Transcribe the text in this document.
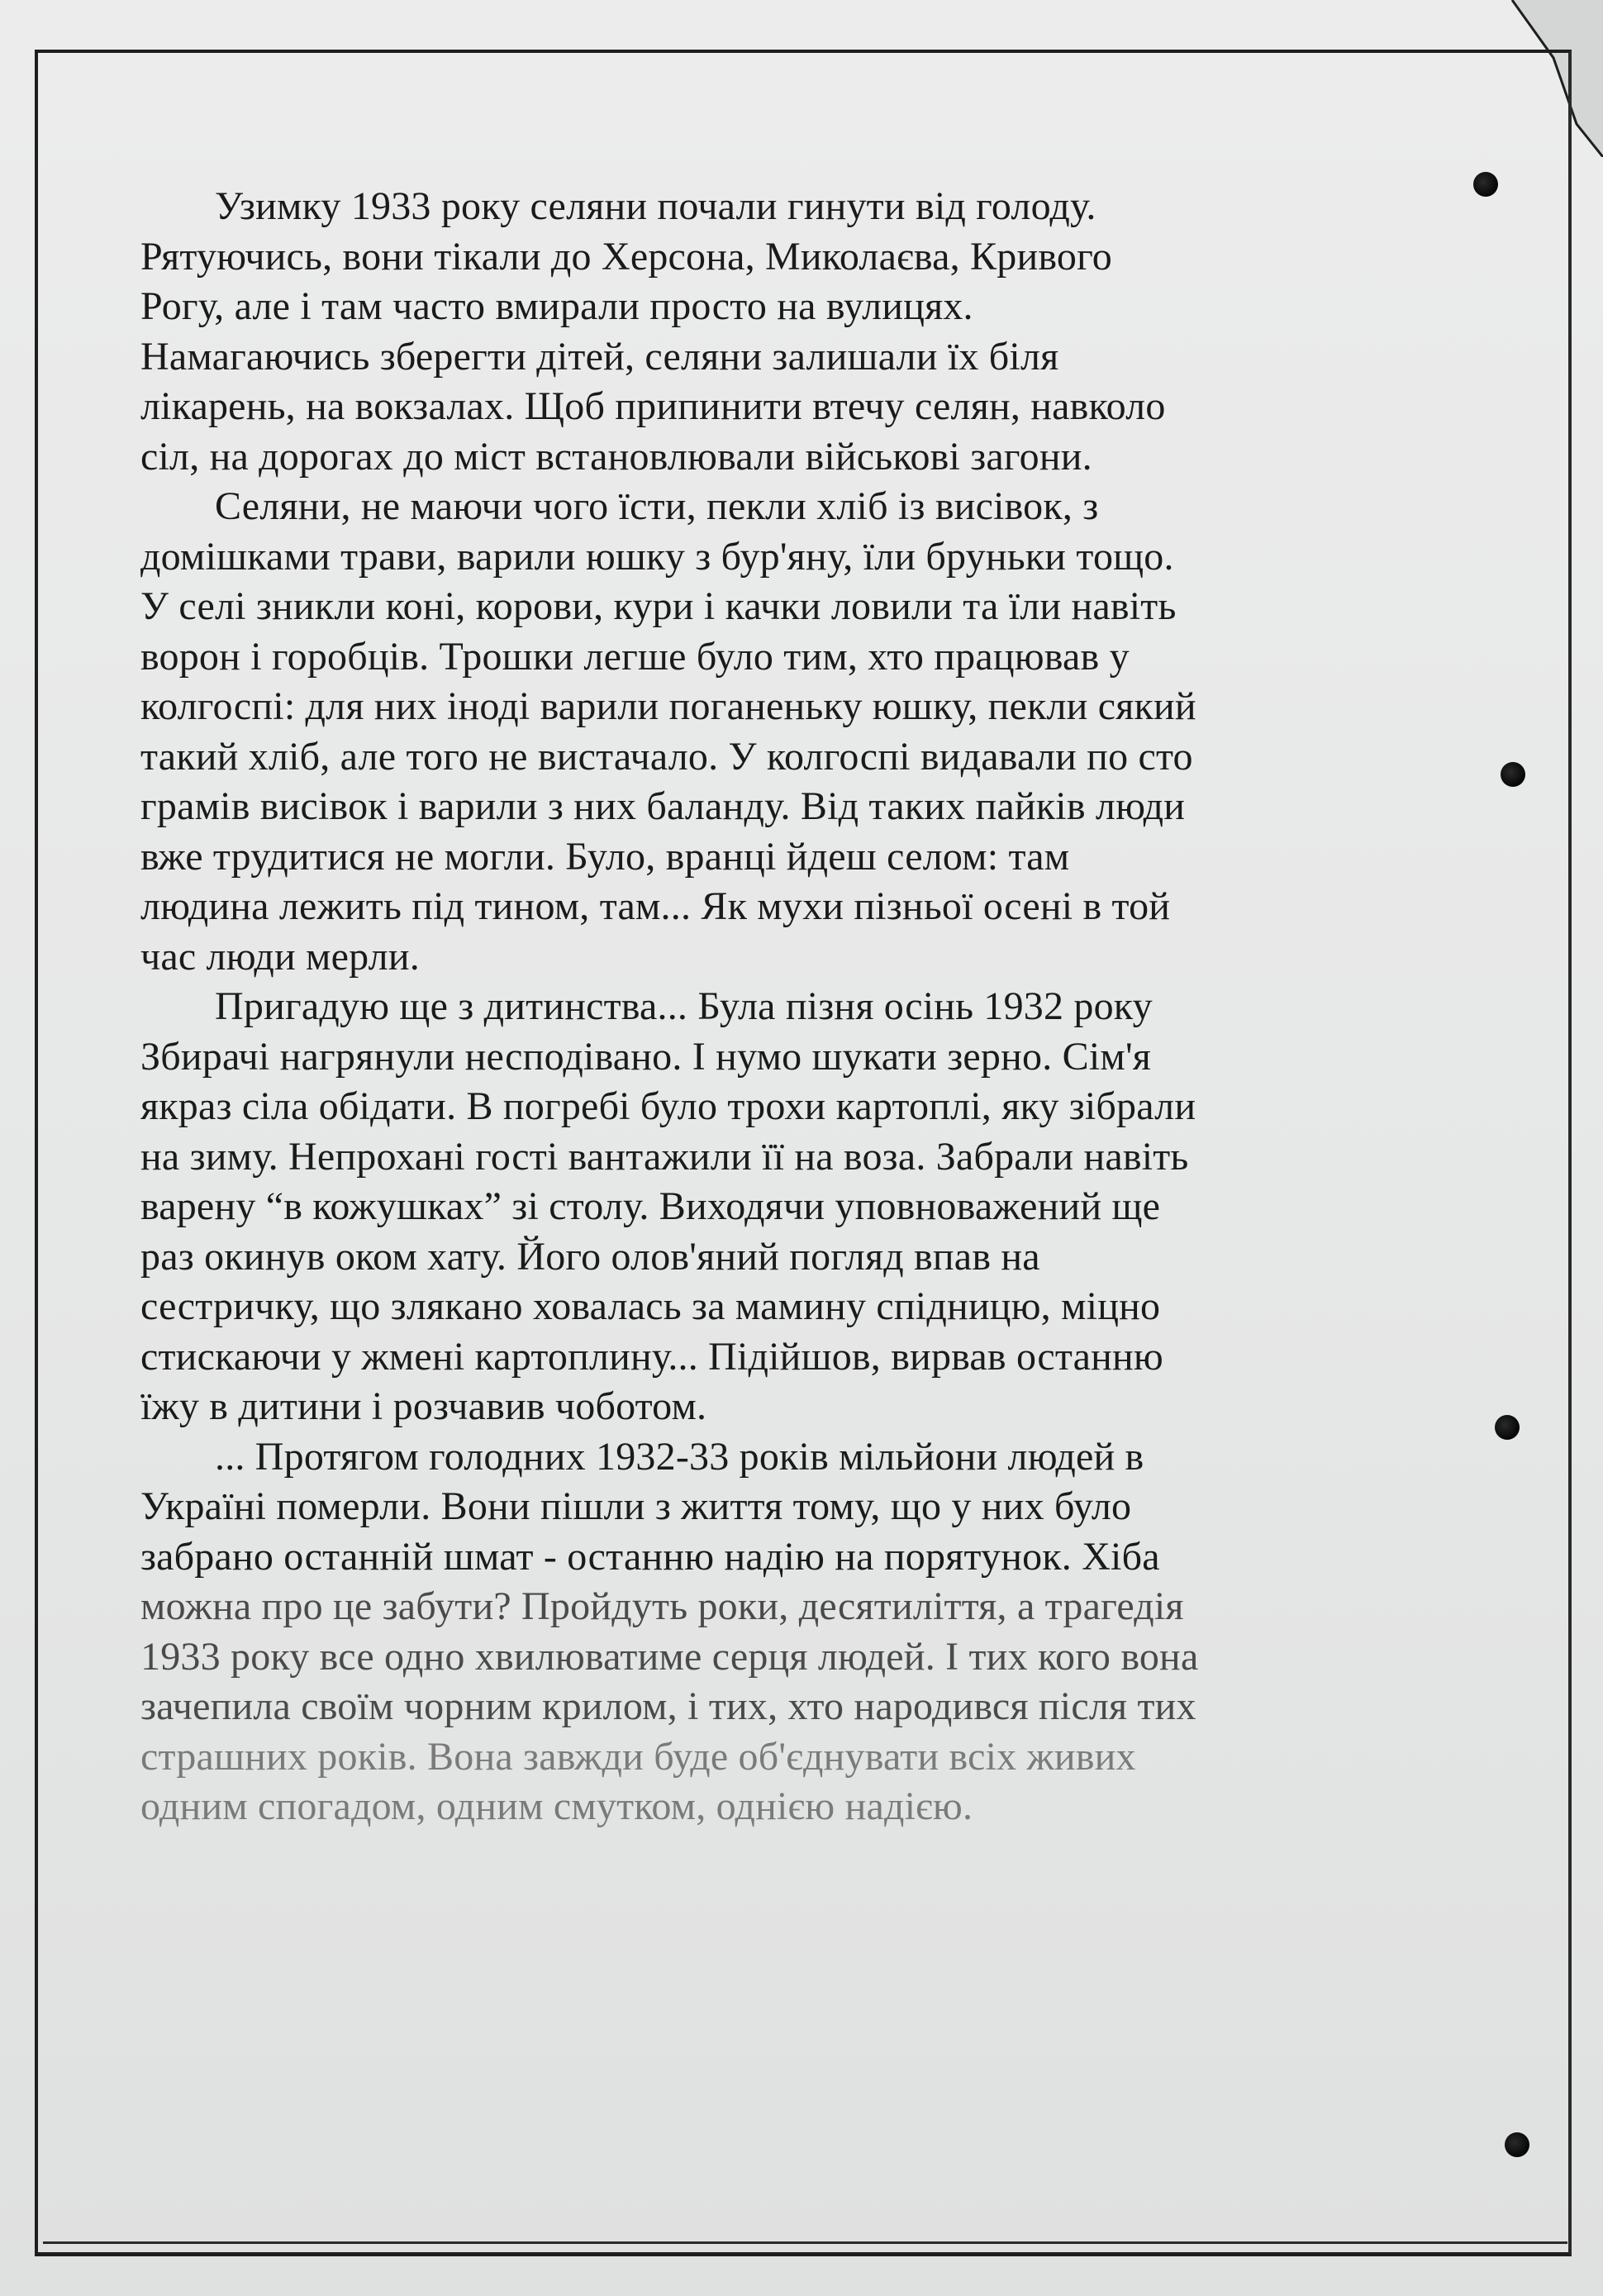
Узимку 1933 року селяни почали гинути від голоду.
Рятуючись, вони тікали до Херсона, Миколаєва, Кривого
Рогу, але і там часто вмирали просто на вулицях.
Намагаючись зберегти дітей, селяни залишали їх біля
лікарень, на вокзалах. Щоб припинити втечу селян, навколо
сіл, на дорогах до міст встановлювали військові загони.

Селяни, не маючи чого їсти, пекли хліб із висівок, з
домішками трави, варили юшку з бур'яну, їли бруньки тощо.
У селі зникли коні, корови, кури і качки ловили та їли навіть
ворон і горобців. Трошки легше було тим, хто працював у
колгоспі: для них іноді варили поганеньку юшку, пекли сякий
такий хліб, але того не вистачало. У колгоспі видавали по сто
грамів висівок і варили з них баланду. Від таких пайків люди
вже трудитися не могли. Було, вранці йдеш селом: там
людина лежить під тином, там... Як мухи пізньої осені в той
час люди мерли.

Пригадую ще з дитинства... Була пізня осінь 1932 року
Збирачі нагрянули несподівано. І нумо шукати зерно. Сім'я
якраз сіла обідати. В погребі було трохи картоплі, яку зібрали
на зиму. Непрохані гості вантажили її на воза. Забрали навіть
варену “в кожушках” зі столу. Виходячи уповноважений ще
раз окинув оком хату. Його олов'яний погляд впав на
сестричку, що злякано ховалась за мамину спідницю, міцно
стискаючи у жмені картоплину... Підійшов, вирвав останню
їжу в дитини і розчавив чоботом.

... Протягом голодних 1932-33 років мільйони людей в
Україні померли. Вони пішли з життя тому, що у них було
забрано останній шмат - останню надію на порятунок. Хіба
можна про це забути? Пройдуть роки, десятиліття, а трагедія
1933 року все одно хвилюватиме серця людей. І тих кого вона
зачепила своїм чорним крилом, і тих, хто народився після тих
страшних років. Вона завжди буде об'єднувати всіх живих
одним спогадом, одним смутком, однією надією.
